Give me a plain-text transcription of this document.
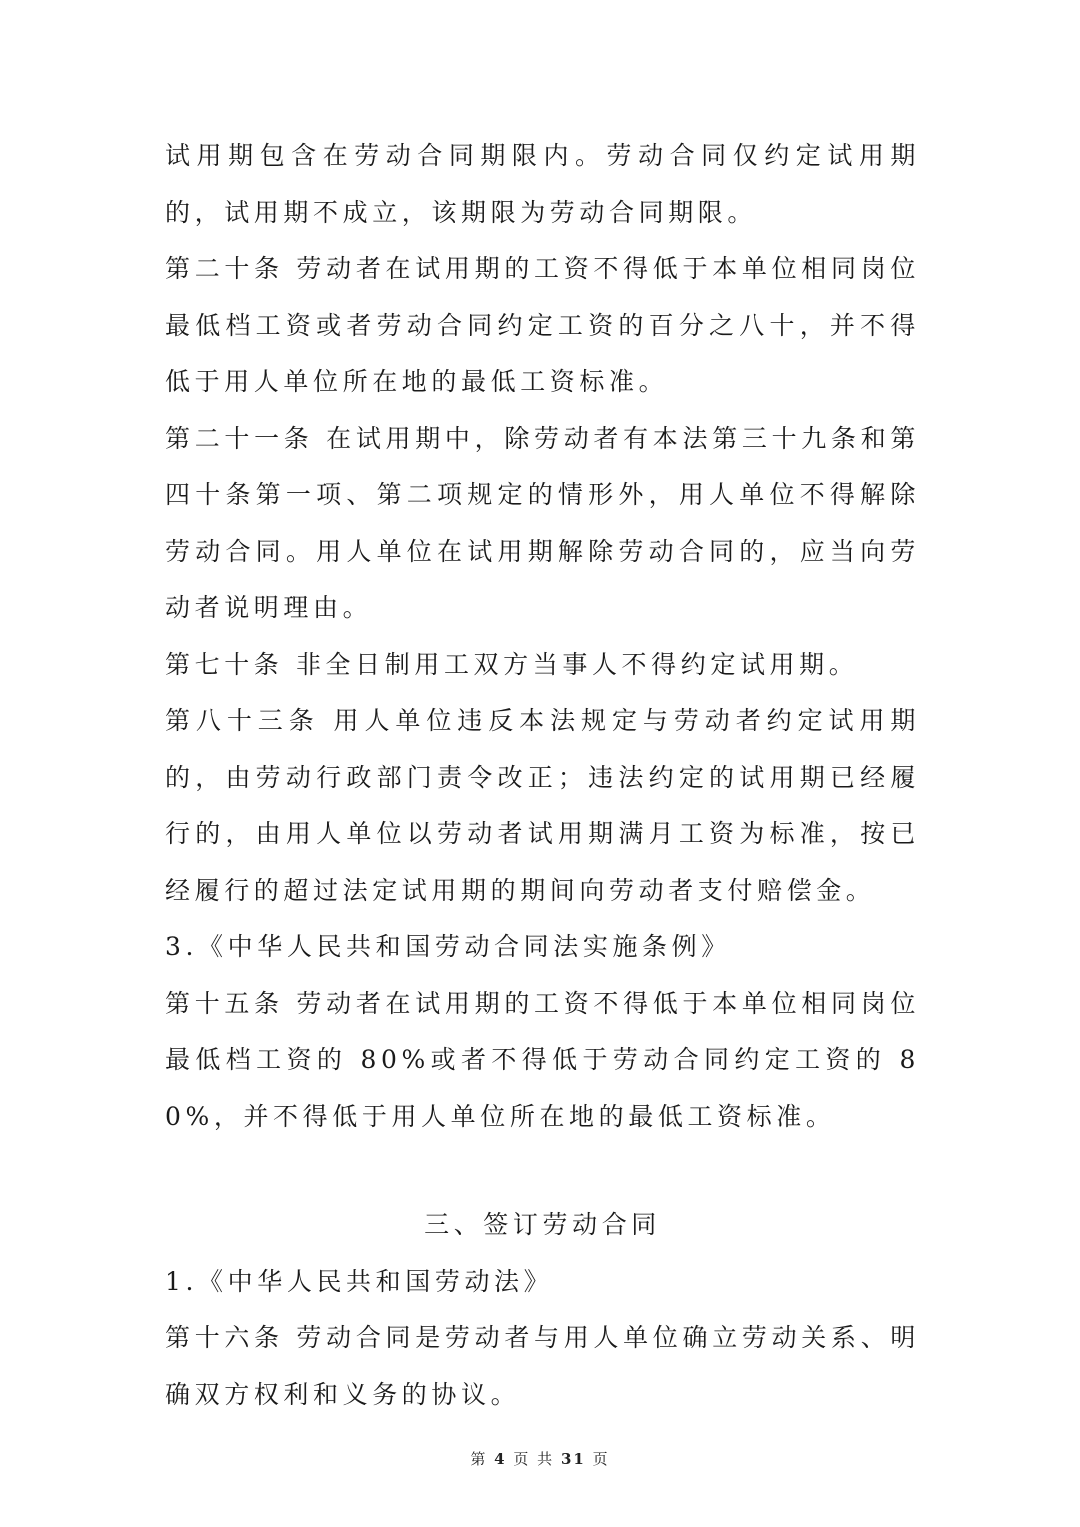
试用期包含在劳动合同期限内。劳动合同仅约定试用期的，试用期不成立，该期限为劳动合同期限。

第二十条 劳动者在试用期的工资不得低于本单位相同岗位最低档工资或者劳动合同约定工资的百分之八十，并不得低于用人单位所在地的最低工资标准。

第二十一条 在试用期中，除劳动者有本法第三十九条和第四十条第一项、第二项规定的情形外，用人单位不得解除劳动合同。用人单位在试用期解除劳动合同的，应当向劳动者说明理由。

第七十条 非全日制用工双方当事人不得约定试用期。

第八十三条 用人单位违反本法规定与劳动者约定试用期的，由劳动行政部门责令改正；违法约定的试用期已经履行的，由用人单位以劳动者试用期满月工资为标准，按已经履行的超过法定试用期的期间向劳动者支付赔偿金。

3.《中华人民共和国劳动合同法实施条例》

第十五条 劳动者在试用期的工资不得低于本单位相同岗位最低档工资的 80%或者不得低于劳动合同约定工资的 80%，并不得低于用人单位所在地的最低工资标准。

三、签订劳动合同

1.《中华人民共和国劳动法》

第十六条 劳动合同是劳动者与用人单位确立劳动关系、明确双方权利和义务的协议。

第 4 页 共 31 页
